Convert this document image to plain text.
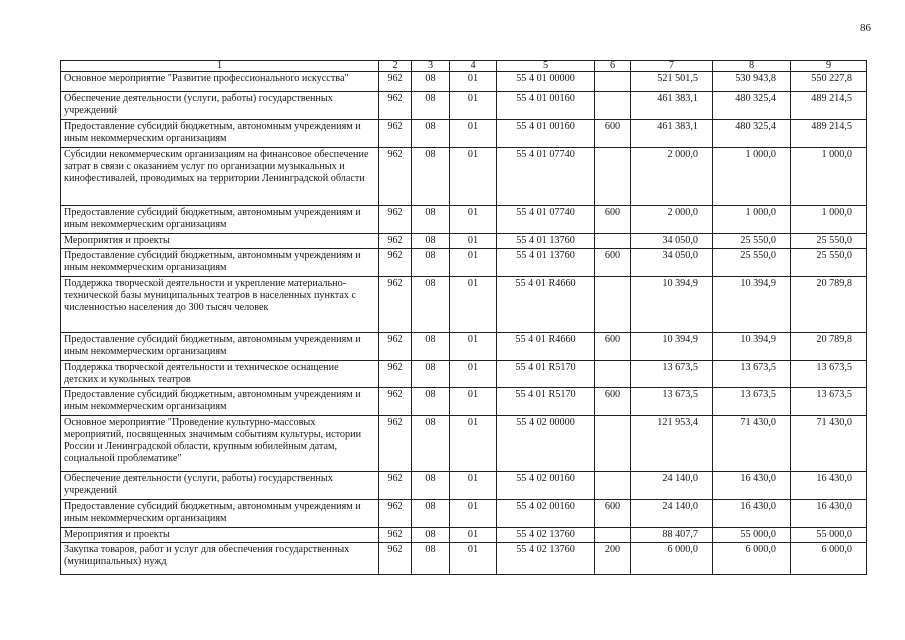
86
1	2	3	4	5	6	7	8	9
Основное мероприятие "Развитие профессионального искусства"	962	08	01	55 4 01 00000		521 501,5	530 943,8	550 227,8
Обеспечение деятельности (услуги, работы) государственных учреждений	962	08	01	55 4 01 00160		461 383,1	480 325,4	489 214,5
Предоставление субсидий бюджетным, автономным учреждениям и иным некоммерческим организациям	962	08	01	55 4 01 00160	600	461 383,1	480 325,4	489 214,5
Субсидии некоммерческим организациям на финансовое обеспечение затрат в связи с оказанием услуг по организации музыкальных и кинофестивалей, проводимых на территории Ленинградской области	962	08	01	55 4 01 07740		2 000,0	1 000,0	1 000,0
Предоставление субсидий бюджетным, автономным учреждениям и иным некоммерческим организациям	962	08	01	55 4 01 07740	600	2 000,0	1 000,0	1 000,0
Мероприятия и проекты	962	08	01	55 4 01 13760		34 050,0	25 550,0	25 550,0
Предоставление субсидий бюджетным, автономным учреждениям и иным некоммерческим организациям	962	08	01	55 4 01 13760	600	34 050,0	25 550,0	25 550,0
Поддержка творческой деятельности и укрепление материально-технической базы муниципальных театров в населенных пунктах с численностью населения до 300 тысяч человек	962	08	01	55 4 01 R4660		10 394,9	10 394,9	20 789,8
Предоставление субсидий бюджетным, автономным учреждениям и иным некоммерческим организациям	962	08	01	55 4 01 R4660	600	10 394,9	10 394,9	20 789,8
Поддержка творческой деятельности и техническое оснащение детских и кукольных театров	962	08	01	55 4 01 R5170		13 673,5	13 673,5	13 673,5
Предоставление субсидий бюджетным, автономным учреждениям и иным некоммерческим организациям	962	08	01	55 4 01 R5170	600	13 673,5	13 673,5	13 673,5
Основное мероприятие "Проведение культурно-массовых мероприятий, посвященных значимым событиям культуры, истории России и Ленинградской области, крупным юбилейным датам, социальной проблематике"	962	08	01	55 4 02 00000		121 953,4	71 430,0	71 430,0
Обеспечение деятельности (услуги, работы) государственных учреждений	962	08	01	55 4 02 00160		24 140,0	16 430,0	16 430,0
Предоставление субсидий бюджетным, автономным учреждениям и иным некоммерческим организациям	962	08	01	55 4 02 00160	600	24 140,0	16 430,0	16 430,0
Мероприятия и проекты	962	08	01	55 4 02 13760		88 407,7	55 000,0	55 000,0
Закупка товаров, работ и услуг для обеспечения государственных (муниципальных) нужд	962	08	01	55 4 02 13760	200	6 000,0	6 000,0	6 000,0
